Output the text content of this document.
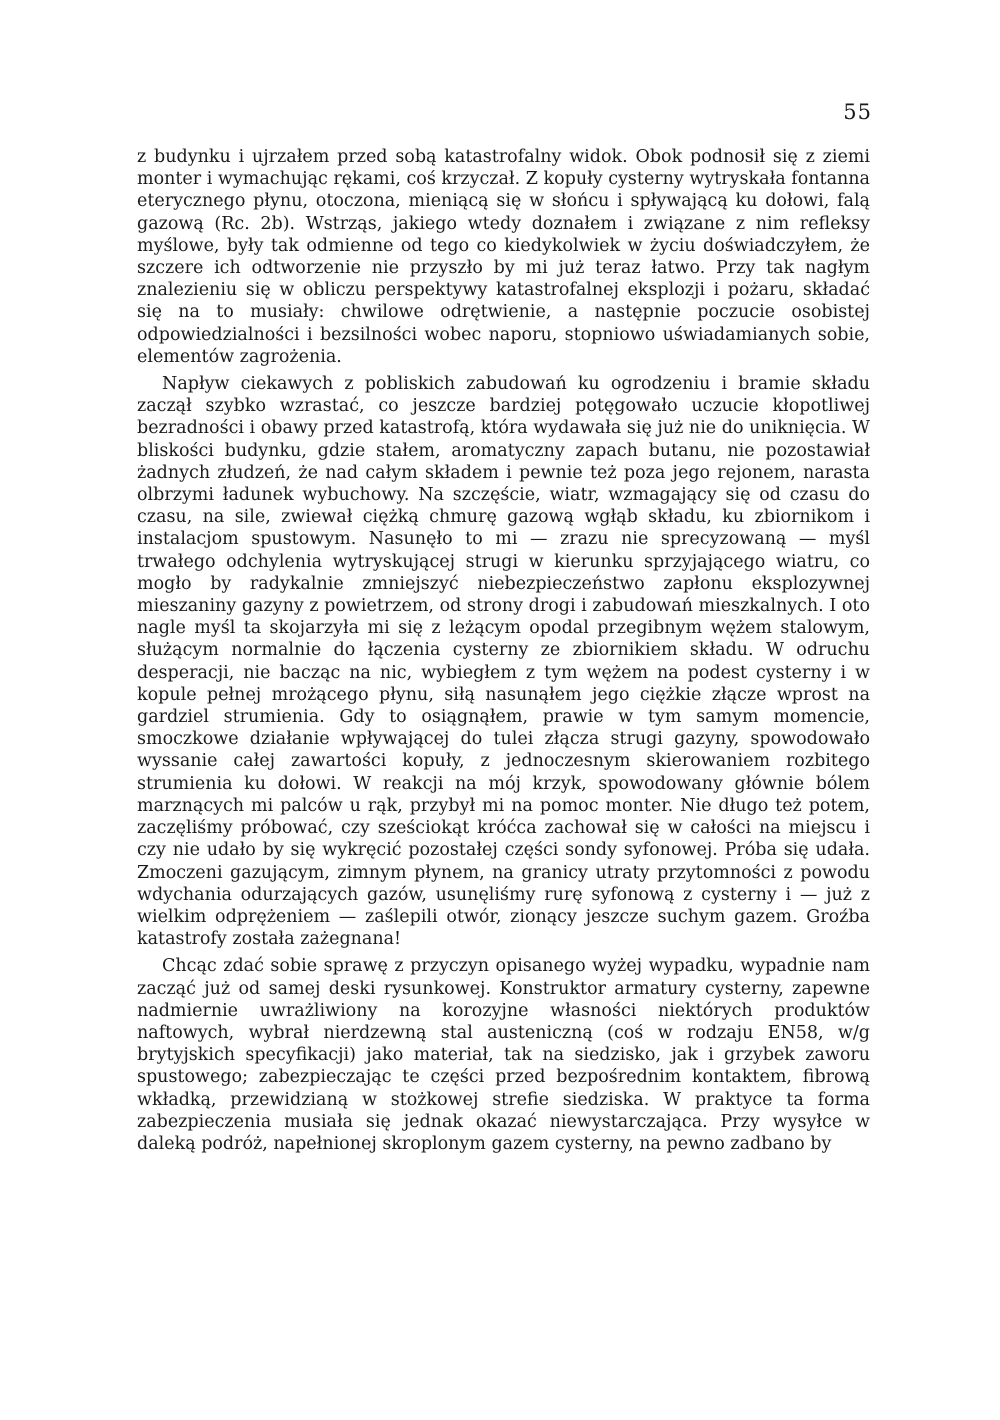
55

z budynku i ujrzałem przed sobą katastrofalny widok. Obok podnosił się z ziemi monter i wymachując rękami, coś krzyczał. Z kopuły cysterny wytryskała fontanna eterycznego płynu, otoczona, mieniącą się w słońcu i spływającą ku dołowi, falą gazową (Rc. 2b). Wstrząs, jakiego wtedy doznałem i związane z nim refleksy myślowe, były tak odmienne od tego co kiedykolwiek w życiu doświadczyłem, że szczere ich odtworzenie nie przyszło by mi już teraz łatwo. Przy tak nagłym znalezieniu się w obliczu perspektywy katastrofalnej eksplozji i pożaru, składać się na to musiały: chwilowe odrętwienie, a następnie poczucie osobistej odpowiedzialności i bezsilności wobec naporu, stopniowo uświadamianych sobie, elementów zagrożenia.

Napływ ciekawych z pobliskich zabudowań ku ogrodzeniu i bramie składu zaczął szybko wzrastać, co jeszcze bardziej potęgowało uczucie kłopotliwej bezradności i obawy przed katastrofą, która wydawała się już nie do uniknięcia. W bliskości budynku, gdzie stałem, aromatyczny zapach butanu, nie pozostawiał żadnych złudzeń, że nad całym składem i pewnie też poza jego rejonem, narasta olbrzymi ładunek wybuchowy. Na szczęście, wiatr, wzmagający się od czasu do czasu, na sile, zwiewał ciężką chmurę gazową wgłąb składu, ku zbiornikom i instalacjom spustowym. Nasunęło to mi — zrazu nie sprecyzowaną — myśl trwałego odchylenia wytryskującej strugi w kierunku sprzyjającego wiatru, co mogło by radykalnie zmniejszyć niebezpieczeństwo zapłonu eksplozywnej mieszaniny gazyny z powietrzem, od strony drogi i zabudowań mieszkalnych. I oto nagle myśl ta skojarzyła mi się z leżącym opodal przegibnym wężem stalowym, służącym normalnie do łączenia cysterny ze zbiornikiem składu. W odruchu desperacji, nie bacząc na nic, wybiegłem z tym wężem na podest cysterny i w kopule pełnej mrożącego płynu, siłą nasunąłem jego ciężkie złącze wprost na gardziel strumienia. Gdy to osiągnąłem, prawie w tym samym momencie, smoczkowe działanie wpływającej do tulei złącza strugi gazyny, spowodowało wyssanie całej zawartości kopuły, z jednoczesnym skierowaniem rozbitego strumienia ku dołowi. W reakcji na mój krzyk, spowodowany głównie bólem marznących mi palców u rąk, przybył mi na pomoc monter. Nie długo też potem, zaczęliśmy próbować, czy sześciokąt króćca zachował się w całości na miejscu i czy nie udało by się wykręcić pozostałej części sondy syfonowej. Próba się udała. Zmoczeni gazującym, zimnym płynem, na granicy utraty przytomności z powodu wdychania odurzających gazów, usunęliśmy rurę syfonową z cysterny i — już z wielkim odprężeniem — zaślepili otwór, zionący jeszcze suchym gazem. Groźba katastrofy została zażegnana!

Chcąc zdać sobie sprawę z przyczyn opisanego wyżej wypadku, wypadnie nam zacząć już od samej deski rysunkowej. Konstruktor armatury cysterny, zapewne nadmiernie uwrażliwiony na korozyjne własności niektórych produktów naftowych, wybrał nierdzewną stal austeniczną (coś w rodzaju EN58, w/g brytyjskich specyfikacji) jako materiał, tak na siedzisko, jak i grzybek zaworu spustowego; zabezpieczając te części przed bezpośrednim kontaktem, fibrową wkładką, przewidzianą w stożkowej strefie siedziska. W praktyce ta forma zabezpieczenia musiała się jednak okazać niewystarczająca. Przy wysyłce w daleką podróż, napełnionej skroplonym gazem cysterny, na pewno zadbano by
